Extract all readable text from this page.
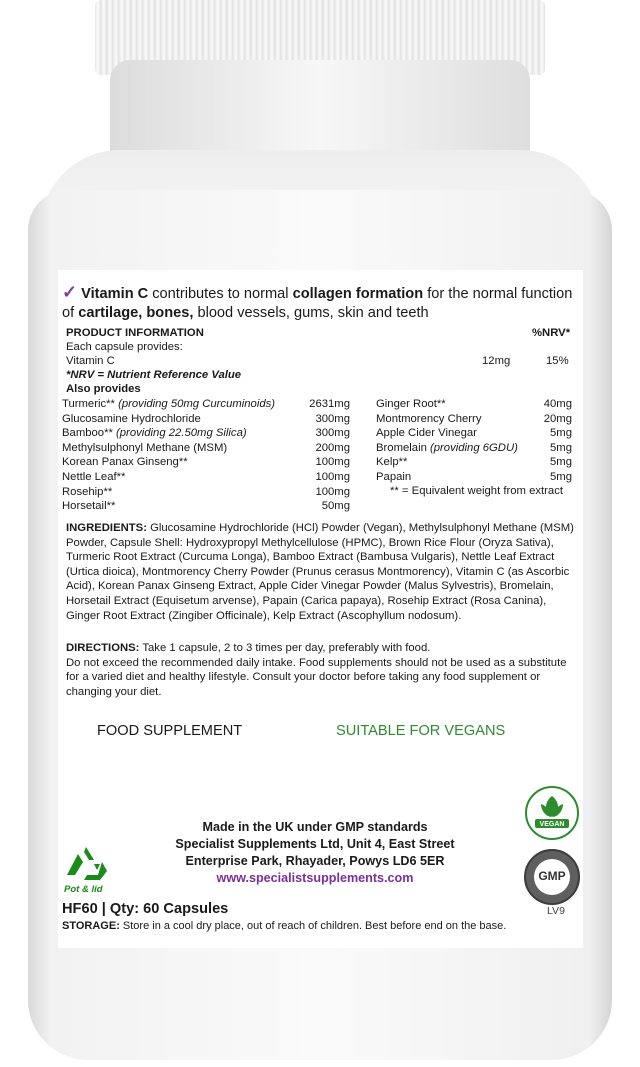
✓ Vitamin C contributes to normal collagen formation for the normal function of cartilage, bones, blood vessels, gums, skin and teeth
PRODUCT INFORMATION	%NRV*
Each capsule provides:
Vitamin C	12mg	15%
*NRV = Nutrient Reference Value
Also provides
Turmeric** (providing 50mg Curcuminoids)	2631mg
Glucosamine Hydrochloride	300mg
Bamboo** (providing 22.50mg Silica)	300mg
Methylsulphonyl Methane (MSM)	200mg
Korean Panax Ginseng**	100mg
Nettle Leaf**	100mg
Rosehip**	100mg
Horsetail**	50mg
Ginger Root**	40mg
Montmorency Cherry	20mg
Apple Cider Vinegar	5mg
Bromelain (providing 6GDU)	5mg
Kelp**	5mg
Papain	5mg
** = Equivalent weight from extract
INGREDIENTS: Glucosamine Hydrochloride (HCl) Powder (Vegan), Methylsulphonyl Methane (MSM) Powder, Capsule Shell: Hydroxypropyl Methylcellulose (HPMC), Brown Rice Flour (Oryza Sativa), Turmeric Root Extract (Curcuma Longa), Bamboo Extract (Bambusa Vulgaris), Nettle Leaf Extract (Urtica dioica), Montmorency Cherry Powder (Prunus cerasus Montmorency), Vitamin C (as Ascorbic Acid), Korean Panax Ginseng Extract, Apple Cider Vinegar Powder (Malus Sylvestris), Bromelain, Horsetail Extract (Equisetum arvense), Papain (Carica papaya), Rosehip Extract (Rosa Canina), Ginger Root Extract (Zingiber Officinale), Kelp Extract (Ascophyllum nodosum).
DIRECTIONS: Take 1 capsule, 2 to 3 times per day, preferably with food.
Do not exceed the recommended daily intake. Food supplements should not be used as a substitute for a varied diet and healthy lifestyle. Consult your doctor before taking any food supplement or changing your diet.
FOOD SUPPLEMENT	SUITABLE FOR VEGANS
VEGAN
GMP
Pot & lid
Made in the UK under GMP standards
Specialist Supplements Ltd, Unit 4, East Street
Enterprise Park, Rhayader, Powys LD6 5ER
www.specialistsupplements.com
HF60 | Qty: 60 Capsules	LV9
STORAGE: Store in a cool dry place, out of reach of children. Best before end on the base.
